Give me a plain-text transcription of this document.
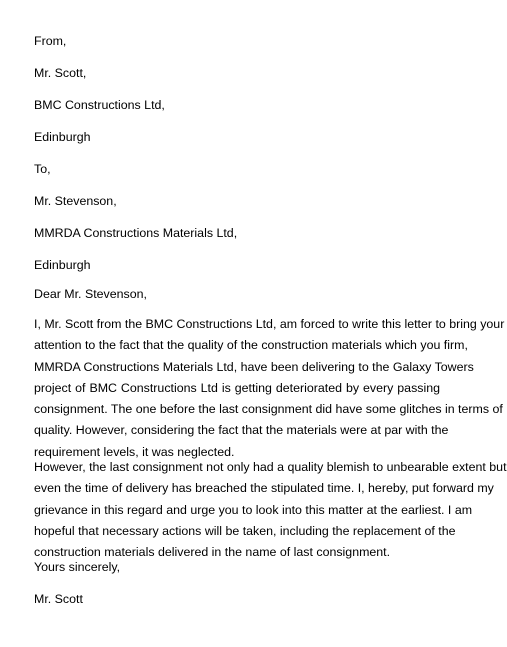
From,
Mr. Scott,
BMC Constructions Ltd,
Edinburgh
To,
Mr. Stevenson,
MMRDA Constructions Materials Ltd,
Edinburgh
Dear Mr. Stevenson,
I, Mr. Scott from the BMC Constructions Ltd, am forced to write this letter to bring your
attention to the fact that the quality of the construction materials which you firm,
MMRDA Constructions Materials Ltd, have been delivering to the Galaxy Towers
project of BMC Constructions Ltd is getting deteriorated by every passing
consignment. The one before the last consignment did have some glitches in terms of
quality. However, considering the fact that the materials were at par with the
requirement levels, it was neglected.
However, the last consignment not only had a quality blemish to unbearable extent but
even the time of delivery has breached the stipulated time. I, hereby, put forward my
grievance in this regard and urge you to look into this matter at the earliest. I am
hopeful that necessary actions will be taken, including the replacement of the
construction materials delivered in the name of last consignment.
Yours sincerely,
Mr. Scott
